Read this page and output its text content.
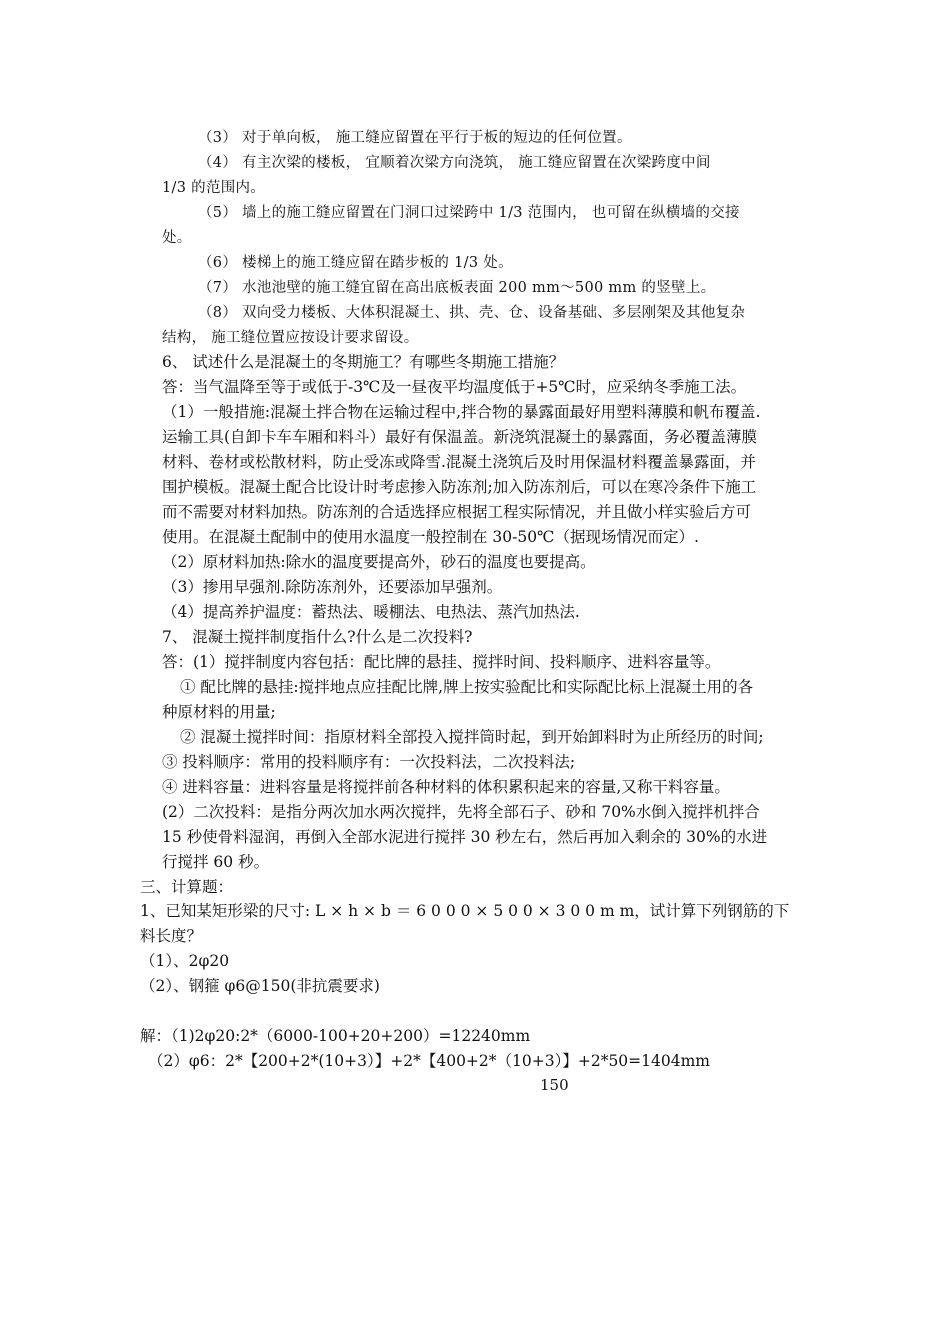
（3） 对于单向板， 施工缝应留置在平行于板的短边的任何位置。
（4） 有主次梁的楼板， 宜顺着次梁方向浇筑， 施工缝应留置在次梁跨度中间
1/3 的范围内。
（5） 墙上的施工缝应留置在门洞口过梁跨中 1/3 范围内， 也可留在纵横墙的交接
处。
（6） 楼梯上的施工缝应留在踏步板的 1/3 处。
（7） 水池池壁的施工缝宜留在高出底板表面 200 mm～500 mm 的竖壁上。
（8） 双向受力楼板、大体积混凝土、拱、壳、仓、设备基础、多层刚架及其他复杂
结构， 施工缝位置应按设计要求留设。
6、 试述什么是混凝土的冬期施工？有哪些冬期施工措施？
答：当气温降至等于或低于-3℃及一昼夜平均温度低于+5℃时，应采纳冬季施工法。
（1）一般措施:混凝土拌合物在运输过程中,拌合物的暴露面最好用塑料薄膜和帆布覆盖.
运输工具(自卸卡车车厢和料斗）最好有保温盖。新浇筑混凝土的暴露面，务必覆盖薄膜
材料、卷材或松散材料，防止受冻或降雪.混凝土浇筑后及时用保温材料覆盖暴露面，并
围护模板。混凝土配合比设计时考虑掺入防冻剂;加入防冻剂后，可以在寒冷条件下施工
而不需要对材料加热。防冻剂的合适选择应根据工程实际情况，并且做小样实验后方可
使用。在混凝土配制中的使用水温度一般控制在 30-50℃（据现场情况而定）.
（2）原材料加热:除水的温度要提高外，砂石的温度也要提高。
（3）掺用早强剂.除防冻剂外，还要添加早强剂。
（4）提高养护温度：蓄热法、暖棚法、电热法、蒸汽加热法.
7、 混凝土搅拌制度指什么?什么是二次投料?
答：(1）搅拌制度内容包括：配比牌的悬挂、搅拌时间、投料顺序、进料容量等。
① 配比牌的悬挂:搅拌地点应挂配比牌,牌上按实验配比和实际配比标上混凝土用的各
种原材料的用量;
② 混凝土搅拌时间：指原材料全部投入搅拌筒时起，到开始卸料时为止所经历的时间;
③ 投料顺序：常用的投料顺序有：一次投料法，二次投料法;
④ 进料容量：进料容量是将搅拌前各种材料的体积累积起来的容量,又称干料容量。
(2）二次投料：是指分两次加水两次搅拌，先将全部石子、砂和 70%水倒入搅拌机拌合
15 秒使骨料湿润，再倒入全部水泥进行搅拌 30 秒左右，然后再加入剩余的 30%的水进
行搅拌 60 秒。
三、计算题：
1、已知某矩形梁的尺寸: L × h × b ＝ 6 0 0 0 × 5 0 0 × 3 0 0 m m，试计算下列钢筋的下
料长度？
（1）、2φ20
（2）、钢箍 φ6@150(非抗震要求)
解：（1)2φ20:2*（6000-100+20+200）=12240mm
（2）φ6：2*【200+2*(10+3）】+2*【400+2*（10+3）】+2*50=1404mm
150
